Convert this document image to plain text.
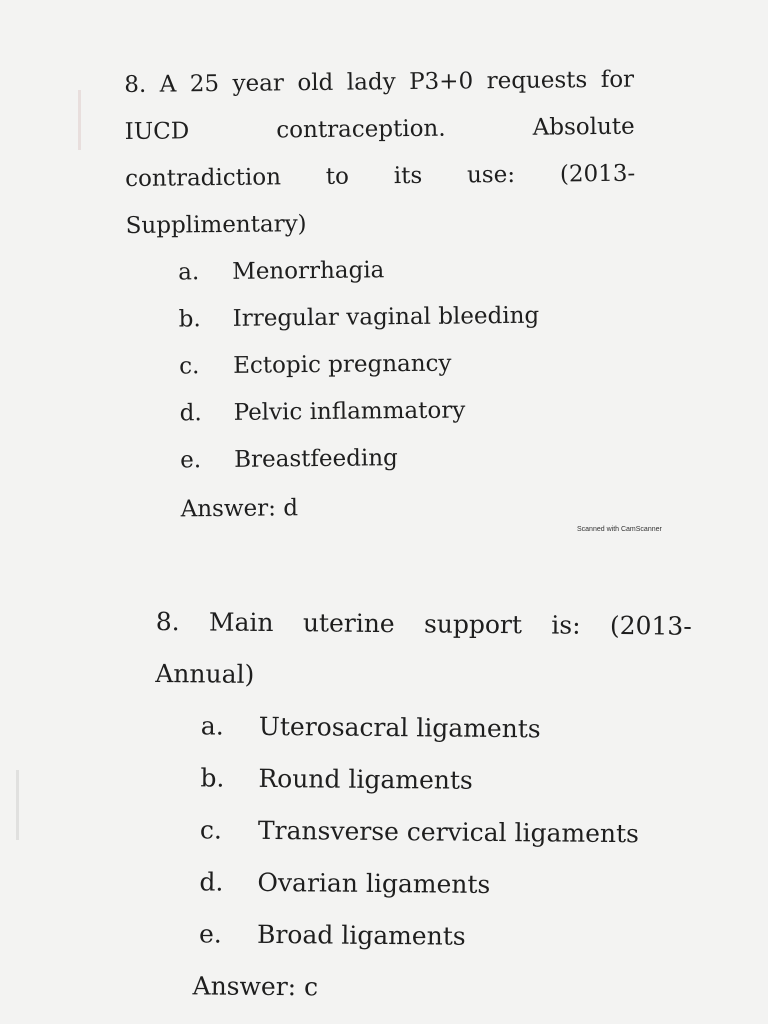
8. A 25 year old lady P3+0 requests for
IUCD	contraception.	Absolute
contradiction to its use: (2013-
Supplimentary)
a.	Menorrhagia
b.	Irregular vaginal bleeding
c.	Ectopic pregnancy
d.	Pelvic inflammatory
e.	Breastfeeding
Answer: d
Scanned with CamScanner
8. Main uterine support is: (2013-
Annual)
a.	Uterosacral ligaments
b.	Round ligaments
c.	Transverse cervical ligaments
d.	Ovarian ligaments
e.	Broad ligaments
Answer: c
